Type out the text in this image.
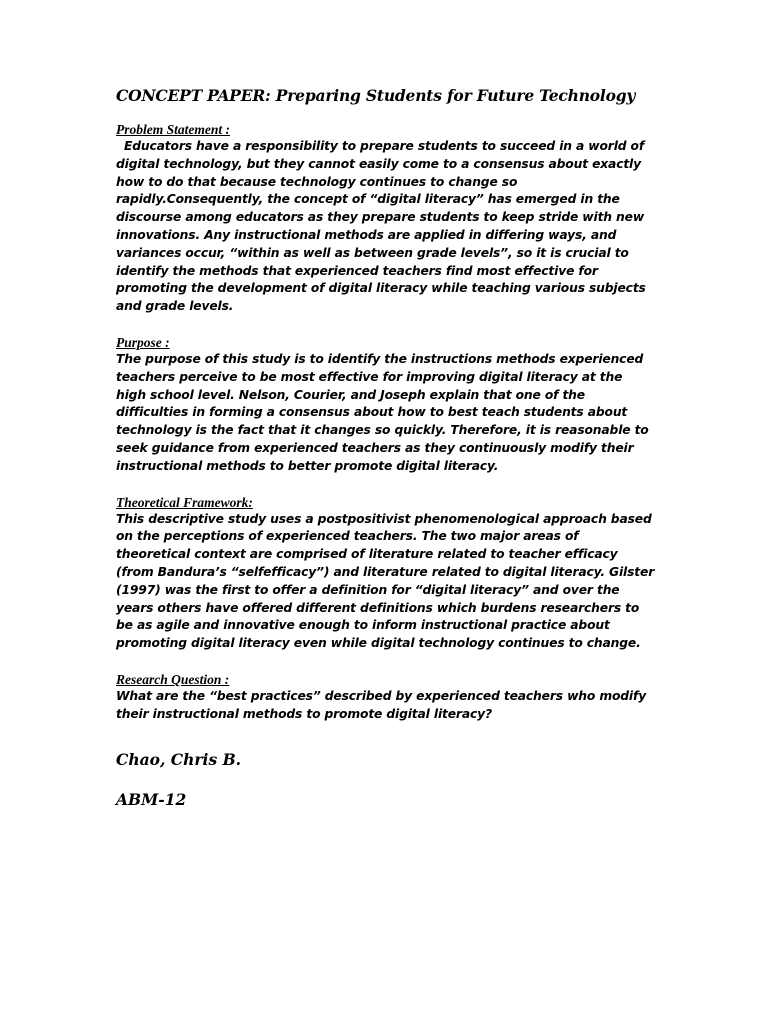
CONCEPT PAPER: Preparing Students for Future Technology

Problem Statement :

Educators have a responsibility to prepare students to succeed in a world of digital technology, but they cannot easily come to a consensus about exactly how to do that because technology continues to change so rapidly.Consequently, the concept of “digital literacy” has emerged in the discourse among educators as they prepare students to keep stride with new innovations. Any instructional methods are applied in differing ways, and variances occur, “within as well as between grade levels”, so it is crucial to identify the methods that experienced teachers find most effective for promoting the development of digital literacy while teaching various subjects and grade levels.

Purpose :

The purpose of this study is to identify the instructions methods experienced teachers perceive to be most effective for improving digital literacy at the high school level. Nelson, Courier, and Joseph explain that one of the difficulties in forming a consensus about how to best teach students about technology is the fact that it changes so quickly. Therefore, it is reasonable to seek guidance from experienced teachers as they continuously modify their instructional methods to better promote digital literacy.

Theoretical Framework:

This descriptive study uses a postpositivist phenomenological approach based on the perceptions of experienced teachers. The two major areas of theoretical context are comprised of literature related to teacher efficacy (from Bandura’s “selfefficacy”) and literature related to digital literacy. Gilster (1997) was the first to offer a definition for “digital literacy” and over the years others have offered different definitions which burdens researchers to be as agile and innovative enough to inform instructional practice about promoting digital literacy even while digital technology continues to change.

Research Question :

What are the “best practices” described by experienced teachers who modify their instructional methods to promote digital literacy?

Chao, Chris B.

ABM-12
